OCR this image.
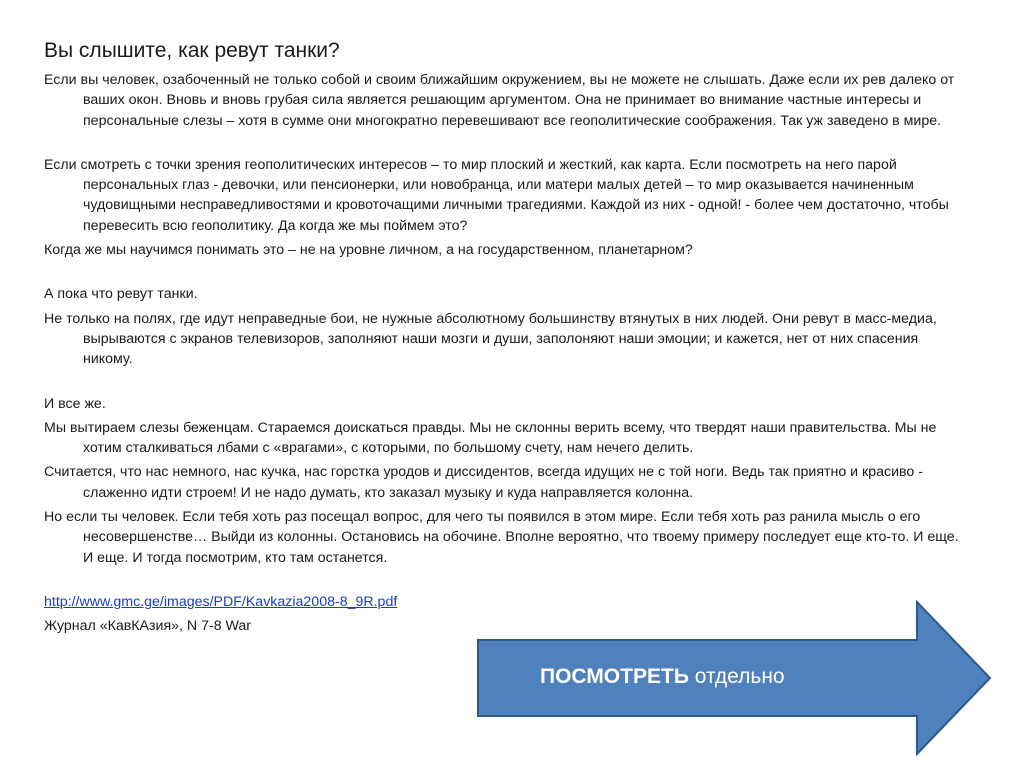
Вы слышите, как ревут танки?

Если вы человек, озабоченный не только собой и своим ближайшим окружением, вы не можете не слышать. Даже если их рев далеко от ваших окон. Вновь и вновь грубая сила является решающим аргументом. Она не принимает во внимание частные интересы и персональные слезы – хотя в сумме они многократно перевешивают все геополитические соображения. Так уж заведено в мире.

Если смотреть с точки зрения геополитических интересов – то мир плоский и жесткий, как карта. Если посмотреть на него парой персональных глаз - девочки, или пенсионерки, или новобранца, или матери малых детей – то мир оказывается начиненным чудовищными несправедливостями и кровоточащими личными трагедиями. Каждой из них - одной! - более чем достаточно, чтобы перевесить всю геополитику. Да когда же мы поймем это?

Когда же мы научимся понимать это – не на уровне личном, а на государственном, планетарном?

А пока что ревут танки.

Не только на полях, где идут неправедные бои, не нужные абсолютному большинству втянутых в них людей. Они ревут в масс-медиа, вырываются с экранов телевизоров, заполняют наши мозги и души, заполоняют наши эмоции; и кажется, нет от них спасения никому.

И все же.

Мы вытираем слезы беженцам. Стараемся доискаться правды. Мы не склонны верить всему, что твердят наши правительства. Мы не хотим сталкиваться лбами с «врагами», с которыми, по большому счету, нам нечего делить.

Считается, что нас немного, нас кучка, нас горстка уродов и диссидентов, всегда идущих не с той ноги. Ведь так приятно и красиво - слаженно идти строем! И не надо думать, кто заказал музыку и куда направляется колонна.

Но если ты человек. Если тебя хоть раз посещал вопрос, для чего ты появился в этом мире. Если тебя хоть раз ранила мысль о его несовершенстве… Выйди из колонны. Остановись на обочине. Вполне вероятно, что твоему примеру последует еще кто-то. И еще. И еще. И тогда посмотрим, кто там останется.

http://www.gmc.ge/images/PDF/Kavkazia2008-8_9R.pdf

Журнал «КавКАзия», N 7-8 War

ПОСМОТРЕТЬ отдельно
